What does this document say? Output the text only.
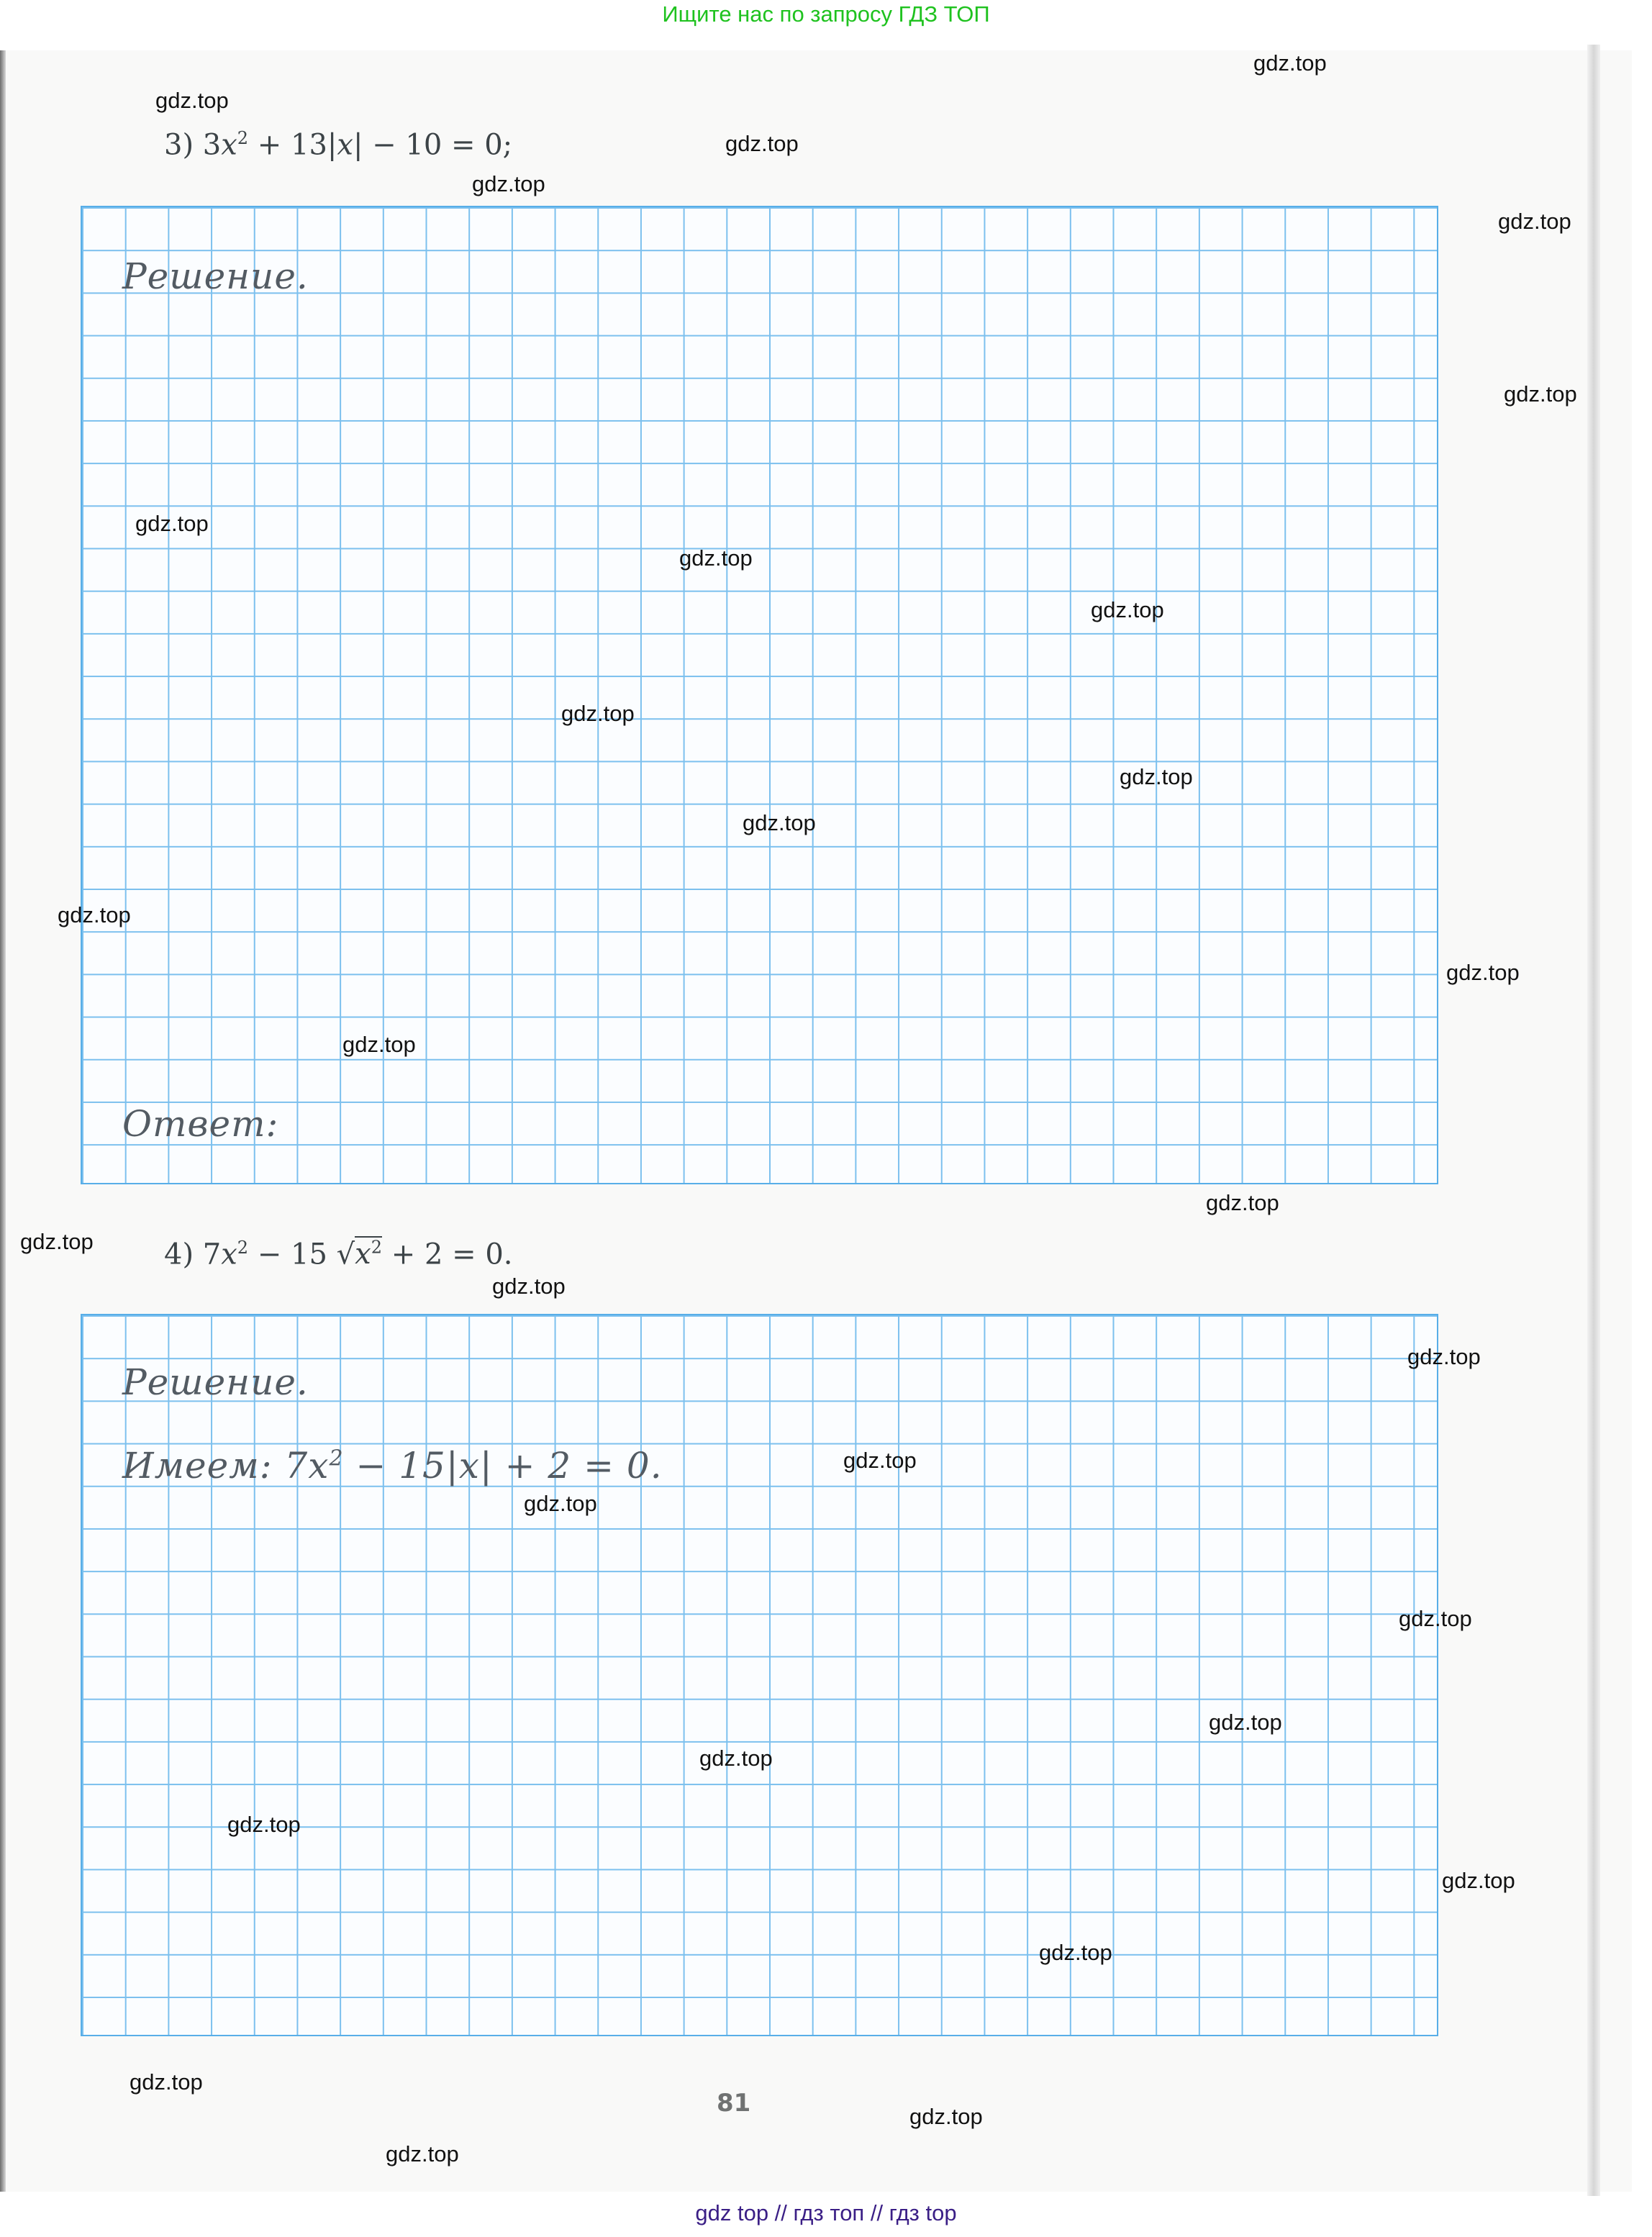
Ищите нас по запросу ГДЗ ТОП
3) $3x^2 + 13|x| - 10 = 0$;
Решение.
Ответ:
4) $7x^2 - 15$ $√x^2 + 2 = 0$.
Решение.
Имеем: $7x^2 - 15|x| + 2 = 0$.
81
gdz.top
gdz.top
gdz.top
gdz.top
gdz.top
gdz.top
gdz.top
gdz.top
gdz.top
gdz.top
gdz.top
gdz.top
gdz.top
gdz.top
gdz.top
gdz.top
gdz.top
gdz.top
gdz.top
gdz.top
gdz.top
gdz.top
gdz.top
gdz.top
gdz.top
gdz.top
gdz.top
gdz.top
gdz.top
gdz.top
gdz top // гдз топ // гдз top
